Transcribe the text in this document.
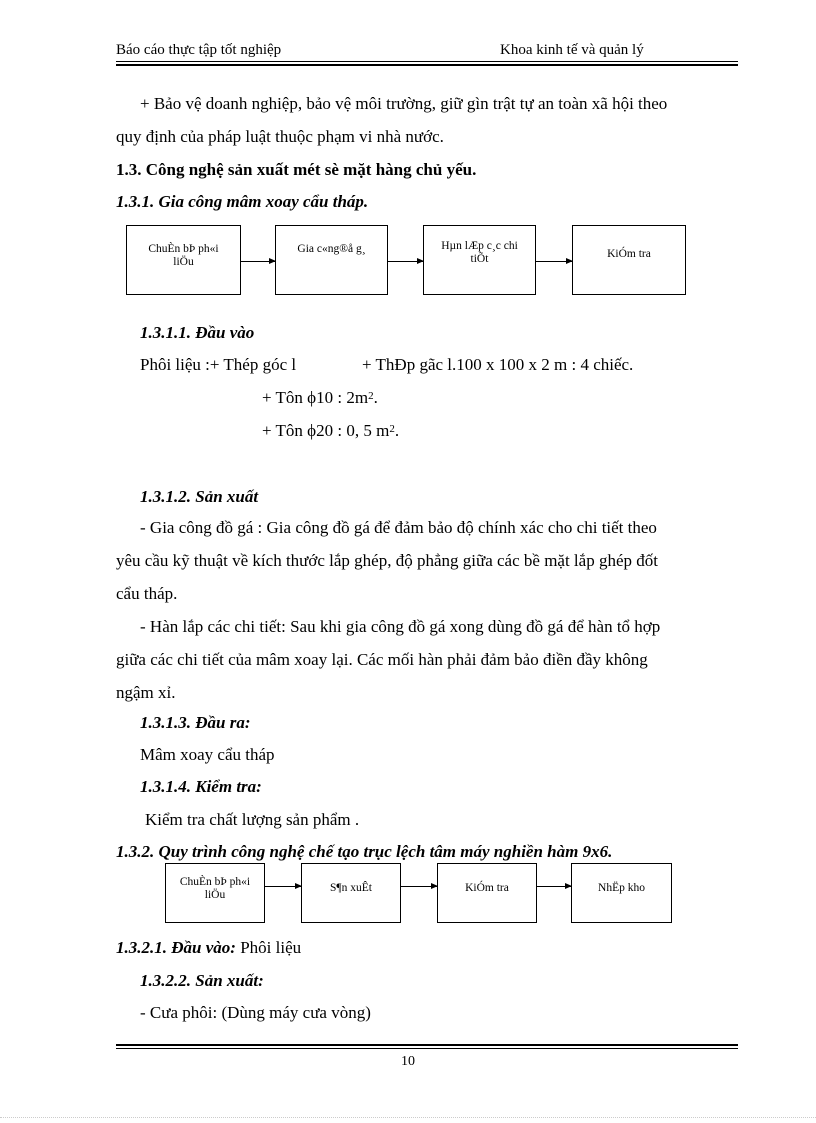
Báo cáo thực tập tốt nghiệp	Khoa kinh tế và quản lý
+ Bảo vệ doanh nghiệp, bảo vệ môi trường, giữ gìn trật tự an toàn xã hội theo
quy định của pháp luật thuộc phạm vi nhà nước.
1.3. Công nghệ sản xuất mét sè mặt hàng chủ yếu.
1.3.1. Gia công mâm xoay cẩu tháp.
ChuÈn bÞ ph«i liÖu
Gia c«ng®å g¸	Hµn lÆp c¸c chi tiÕt	KiÓm tra
1.3.1.1. Đầu vào
Phôi liệu :+ Thép góc l	+ ThÐp gãc l.100 x 100 x 2 m : 4 chiếc.
+ Tôn ϕ10 : $2m^2$.
+ Tôn ϕ20 : 0, 5 $m^2$.
1.3.1.2. Sản xuất
- Gia công đồ gá : Gia công đồ gá để đảm bảo độ chính xác cho chi tiết theo
yêu cầu kỹ thuật về kích thước lắp ghép, độ phẳng giữa các bề mặt lắp ghép đốt
cẩu tháp.
- Hàn lắp các chi tiết: Sau khi gia công đồ gá xong dùng đồ gá để hàn tổ hợp
giữa các chi tiết của mâm xoay lại. Các mối hàn phải đảm bảo điền đầy không
ngậm xỉ.
1.3.1.3. Đầu ra:
Mâm xoay cẩu tháp
1.3.1.4. Kiểm tra:
Kiểm tra chất lượng sản phẩm .
1.3.2. Quy trình công nghệ chế tạo trục lệch tâm máy nghiền hàm 9x6.
ChuÈn bÞ ph«i liÖu
S¶n xuÊt	KiÓm tra	NhËp kho
1.3.2.1. Đầu vào: Phôi liệu
1.3.2.2. Sản xuất:
- Cưa phôi: (Dùng máy cưa vòng)
10
